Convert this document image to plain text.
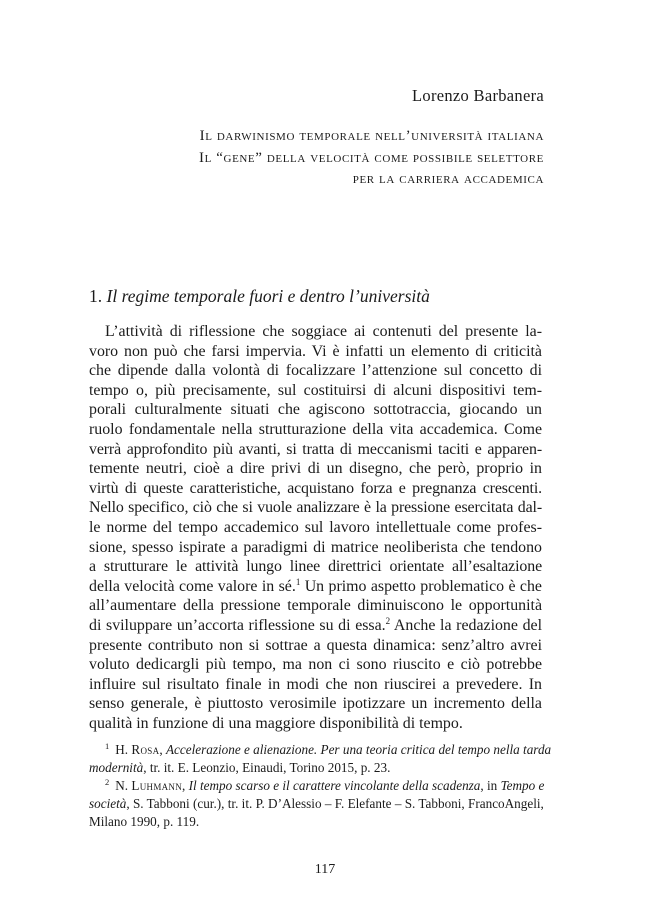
Lorenzo Barbanera
Il darwinismo temporale nell’università italiana
Il “gene” della velocità come possibile selettore
per la carriera accademica
1. Il regime temporale fuori e dentro l’università
L’attività di riflessione che soggiace ai contenuti del presente la-
voro non può che farsi impervia. Vi è infatti un elemento di criticità
che dipende dalla volontà di focalizzare l’attenzione sul concetto di
tempo o, più precisamente, sul costituirsi di alcuni dispositivi tem-
porali culturalmente situati che agiscono sottotraccia, giocando un
ruolo fondamentale nella strutturazione della vita accademica. Come
verrà approfondito più avanti, si tratta di meccanismi taciti e apparen-
temente neutri, cioè a dire privi di un disegno, che però, proprio in
virtù di queste caratteristiche, acquistano forza e pregnanza crescenti.
Nello specifico, ciò che si vuole analizzare è la pressione esercitata dal-
le norme del tempo accademico sul lavoro intellettuale come profes-
sione, spesso ispirate a paradigmi di matrice neoliberista che tendono
a strutturare le attività lungo linee direttrici orientate all’esaltazione
della velocità come valore in sé.$^1$ Un primo aspetto problematico è che
all’aumentare della pressione temporale diminuiscono le opportunità
di sviluppare un’accorta riflessione su di essa.$^2$ Anche la redazione del
presente contributo non si sottrae a questa dinamica: senz’altro avrei
voluto dedicargli più tempo, ma non ci sono riuscito e ciò potrebbe
influire sul risultato finale in modi che non riuscirei a prevedere. In
senso generale, è piuttosto verosimile ipotizzare un incremento della
qualità in funzione di una maggiore disponibilità di tempo.
$^1$ H. Rosa, Accelerazione e alienazione. Per una teoria critica del tempo nella tarda
modernità, tr. it. E. Leonzio, Einaudi, Torino 2015, p. 23.
$^2$ N. Luhmann, Il tempo scarso e il carattere vincolante della scadenza, in Tempo e
società, S. Tabboni (cur.), tr. it. P. D’Alessio – F. Elefante – S. Tabboni, FrancoAngeli,
Milano 1990, p. 119.
117
